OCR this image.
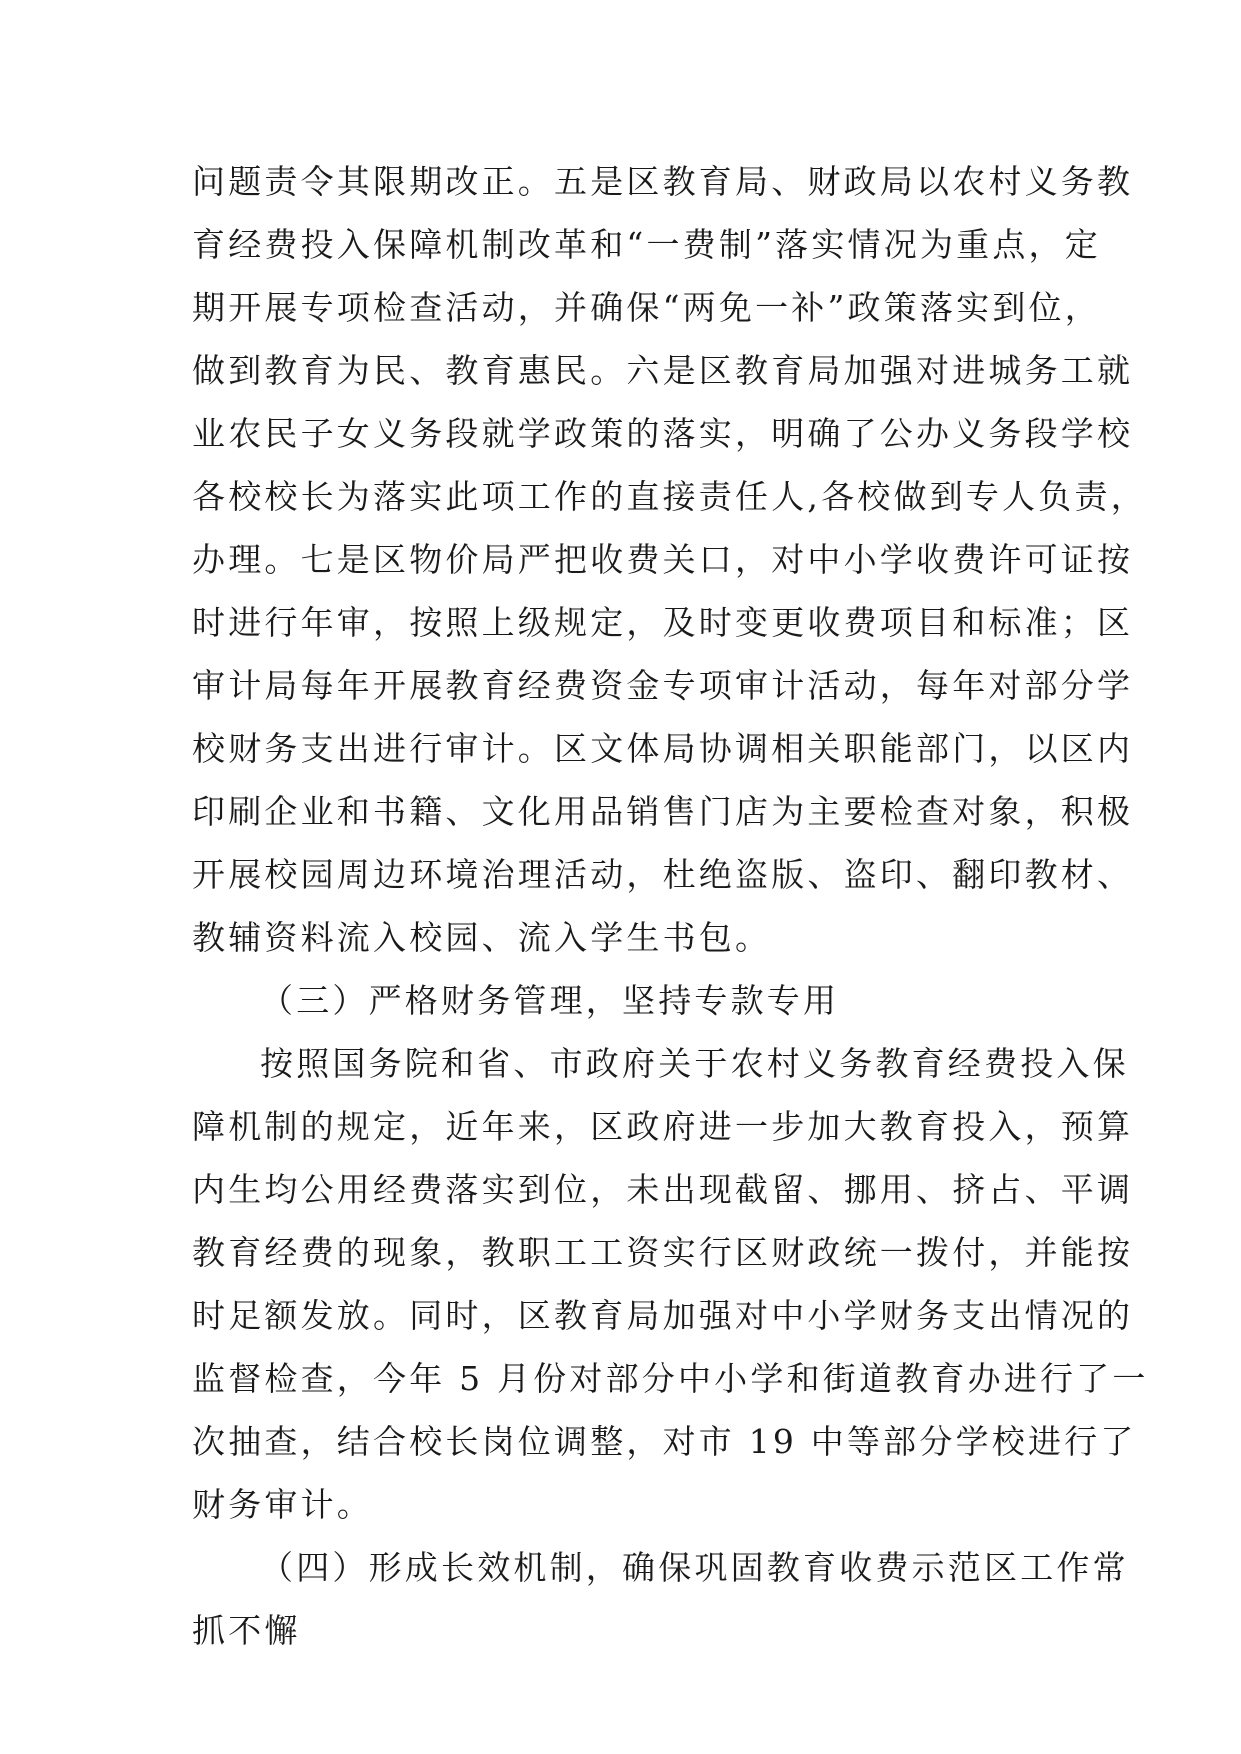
问题责令其限期改正。五是区教育局、财政局以农村义务教
育经费投入保障机制改革和“一费制”落实情况为重点，定
期开展专项检查活动，并确保“两免一补”政策落实到位，
做到教育为民、教育惠民。六是区教育局加强对进城务工就
业农民子女义务段就学政策的落实，明确了公办义务段学校
各校校长为落实此项工作的直接责任人,各校做到专人负责，
办理。七是区物价局严把收费关口，对中小学收费许可证按
时进行年审，按照上级规定，及时变更收费项目和标准；区
审计局每年开展教育经费资金专项审计活动，每年对部分学
校财务支出进行审计。区文体局协调相关职能部门，以区内
印刷企业和书籍、文化用品销售门店为主要检查对象，积极
开展校园周边环境治理活动，杜绝盗版、盗印、翻印教材、
教辅资料流入校园、流入学生书包。
（三）严格财务管理，坚持专款专用
按照国务院和省、市政府关于农村义务教育经费投入保
障机制的规定，近年来，区政府进一步加大教育投入，预算
内生均公用经费落实到位，未出现截留、挪用、挤占、平调
教育经费的现象，教职工工资实行区财政统一拨付，并能按
时足额发放。同时，区教育局加强对中小学财务支出情况的
监督检查，今年 5 月份对部分中小学和街道教育办进行了一
次抽查，结合校长岗位调整，对市 19 中等部分学校进行了
财务审计。
（四）形成长效机制，确保巩固教育收费示范区工作常
抓不懈
